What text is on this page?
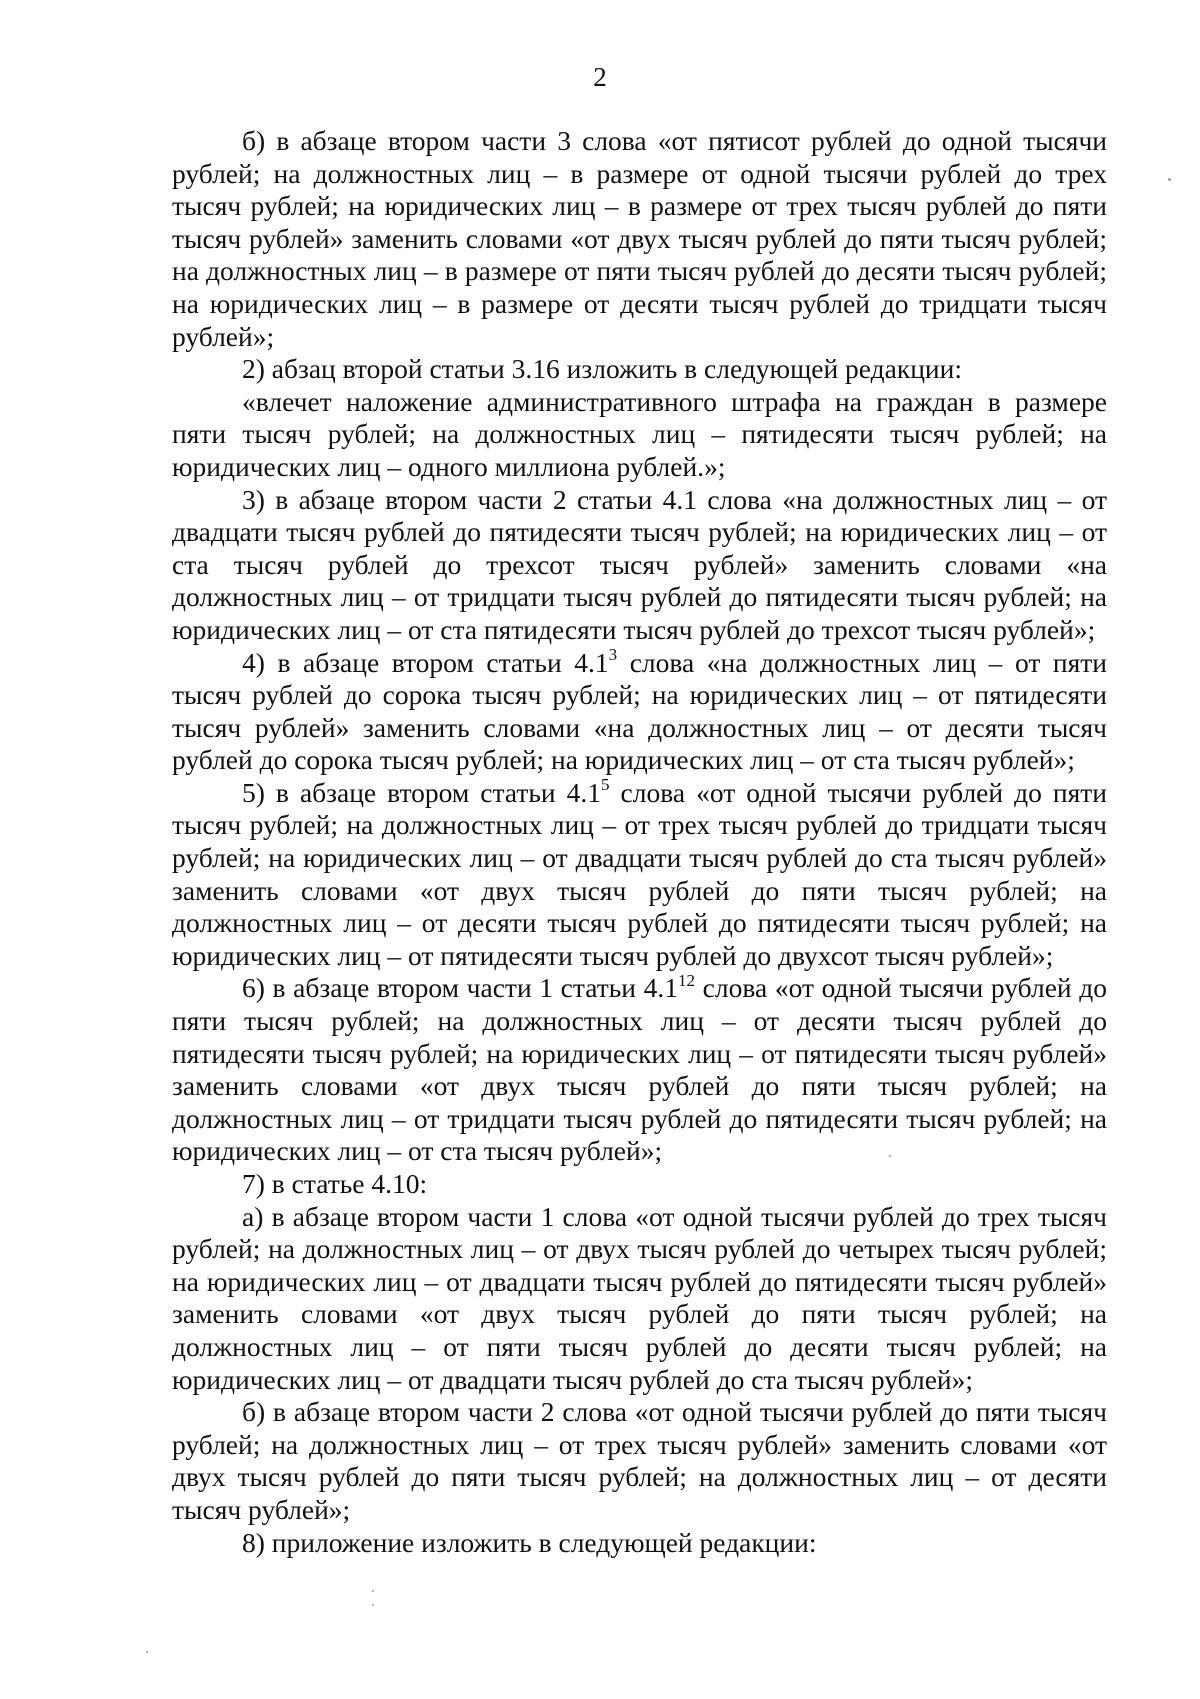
2

б) в абзаце втором части 3 слова «от пятисот рублей до одной тысячи рублей; на должностных лиц – в размере от одной тысячи рублей до трех тысяч рублей; на юридических лиц – в размере от трех тысяч рублей до пяти тысяч рублей» заменить словами «от двух тысяч рублей до пяти тысяч рублей; на должностных лиц – в размере от пяти тысяч рублей до десяти тысяч рублей; на юридических лиц – в размере от десяти тысяч рублей до тридцати тысяч рублей»;

2) абзац второй статьи 3.16 изложить в следующей редакции:

«влечет наложение административного штрафа на граждан в размере пяти тысяч рублей; на должностных лиц – пятидесяти тысяч рублей; на юридических лиц – одного миллиона рублей.»;

3) в абзаце втором части 2 статьи 4.1 слова «на должностных лиц – от двадцати тысяч рублей до пятидесяти тысяч рублей; на юридических лиц – от ста тысяч рублей до трехсот тысяч рублей» заменить словами «на должностных лиц – от тридцати тысяч рублей до пятидесяти тысяч рублей; на юридических лиц – от ста пятидесяти тысяч рублей до трехсот тысяч рублей»;

4) в абзаце втором статьи $4.1^3$ слова «на должностных лиц – от пяти тысяч рублей до сорока тысяч рублей; на юридических лиц – от пятидесяти тысяч рублей» заменить словами «на должностных лиц – от десяти тысяч рублей до сорока тысяч рублей; на юридических лиц – от ста тысяч рублей»;

5) в абзаце втором статьи $4.1^5$ слова «от одной тысячи рублей до пяти тысяч рублей; на должностных лиц – от трех тысяч рублей до тридцати тысяч рублей; на юридических лиц – от двадцати тысяч рублей до ста тысяч рублей» заменить словами «от двух тысяч рублей до пяти тысяч рублей; на должностных лиц – от десяти тысяч рублей до пятидесяти тысяч рублей; на юридических лиц – от пятидесяти тысяч рублей до двухсот тысяч рублей»;

6) в абзаце втором части 1 статьи $4.1^{12}$ слова «от одной тысячи рублей до пяти тысяч рублей; на должностных лиц – от десяти тысяч рублей до пятидесяти тысяч рублей; на юридических лиц – от пятидесяти тысяч рублей» заменить словами «от двух тысяч рублей до пяти тысяч рублей; на должностных лиц – от тридцати тысяч рублей до пятидесяти тысяч рублей; на юридических лиц – от ста тысяч рублей»;

7) в статье 4.10:

а) в абзаце втором части 1 слова «от одной тысячи рублей до трех тысяч рублей; на должностных лиц – от двух тысяч рублей до четырех тысяч рублей; на юридических лиц – от двадцати тысяч рублей до пятидесяти тысяч рублей» заменить словами «от двух тысяч рублей до пяти тысяч рублей; на должностных лиц – от пяти тысяч рублей до десяти тысяч рублей; на юридических лиц – от двадцати тысяч рублей до ста тысяч рублей»;

б) в абзаце втором части 2 слова «от одной тысячи рублей до пяти тысяч рублей; на должностных лиц – от трех тысяч рублей» заменить словами «от двух тысяч рублей до пяти тысяч рублей; на должностных лиц – от десяти тысяч рублей»;

8) приложение изложить в следующей редакции:
